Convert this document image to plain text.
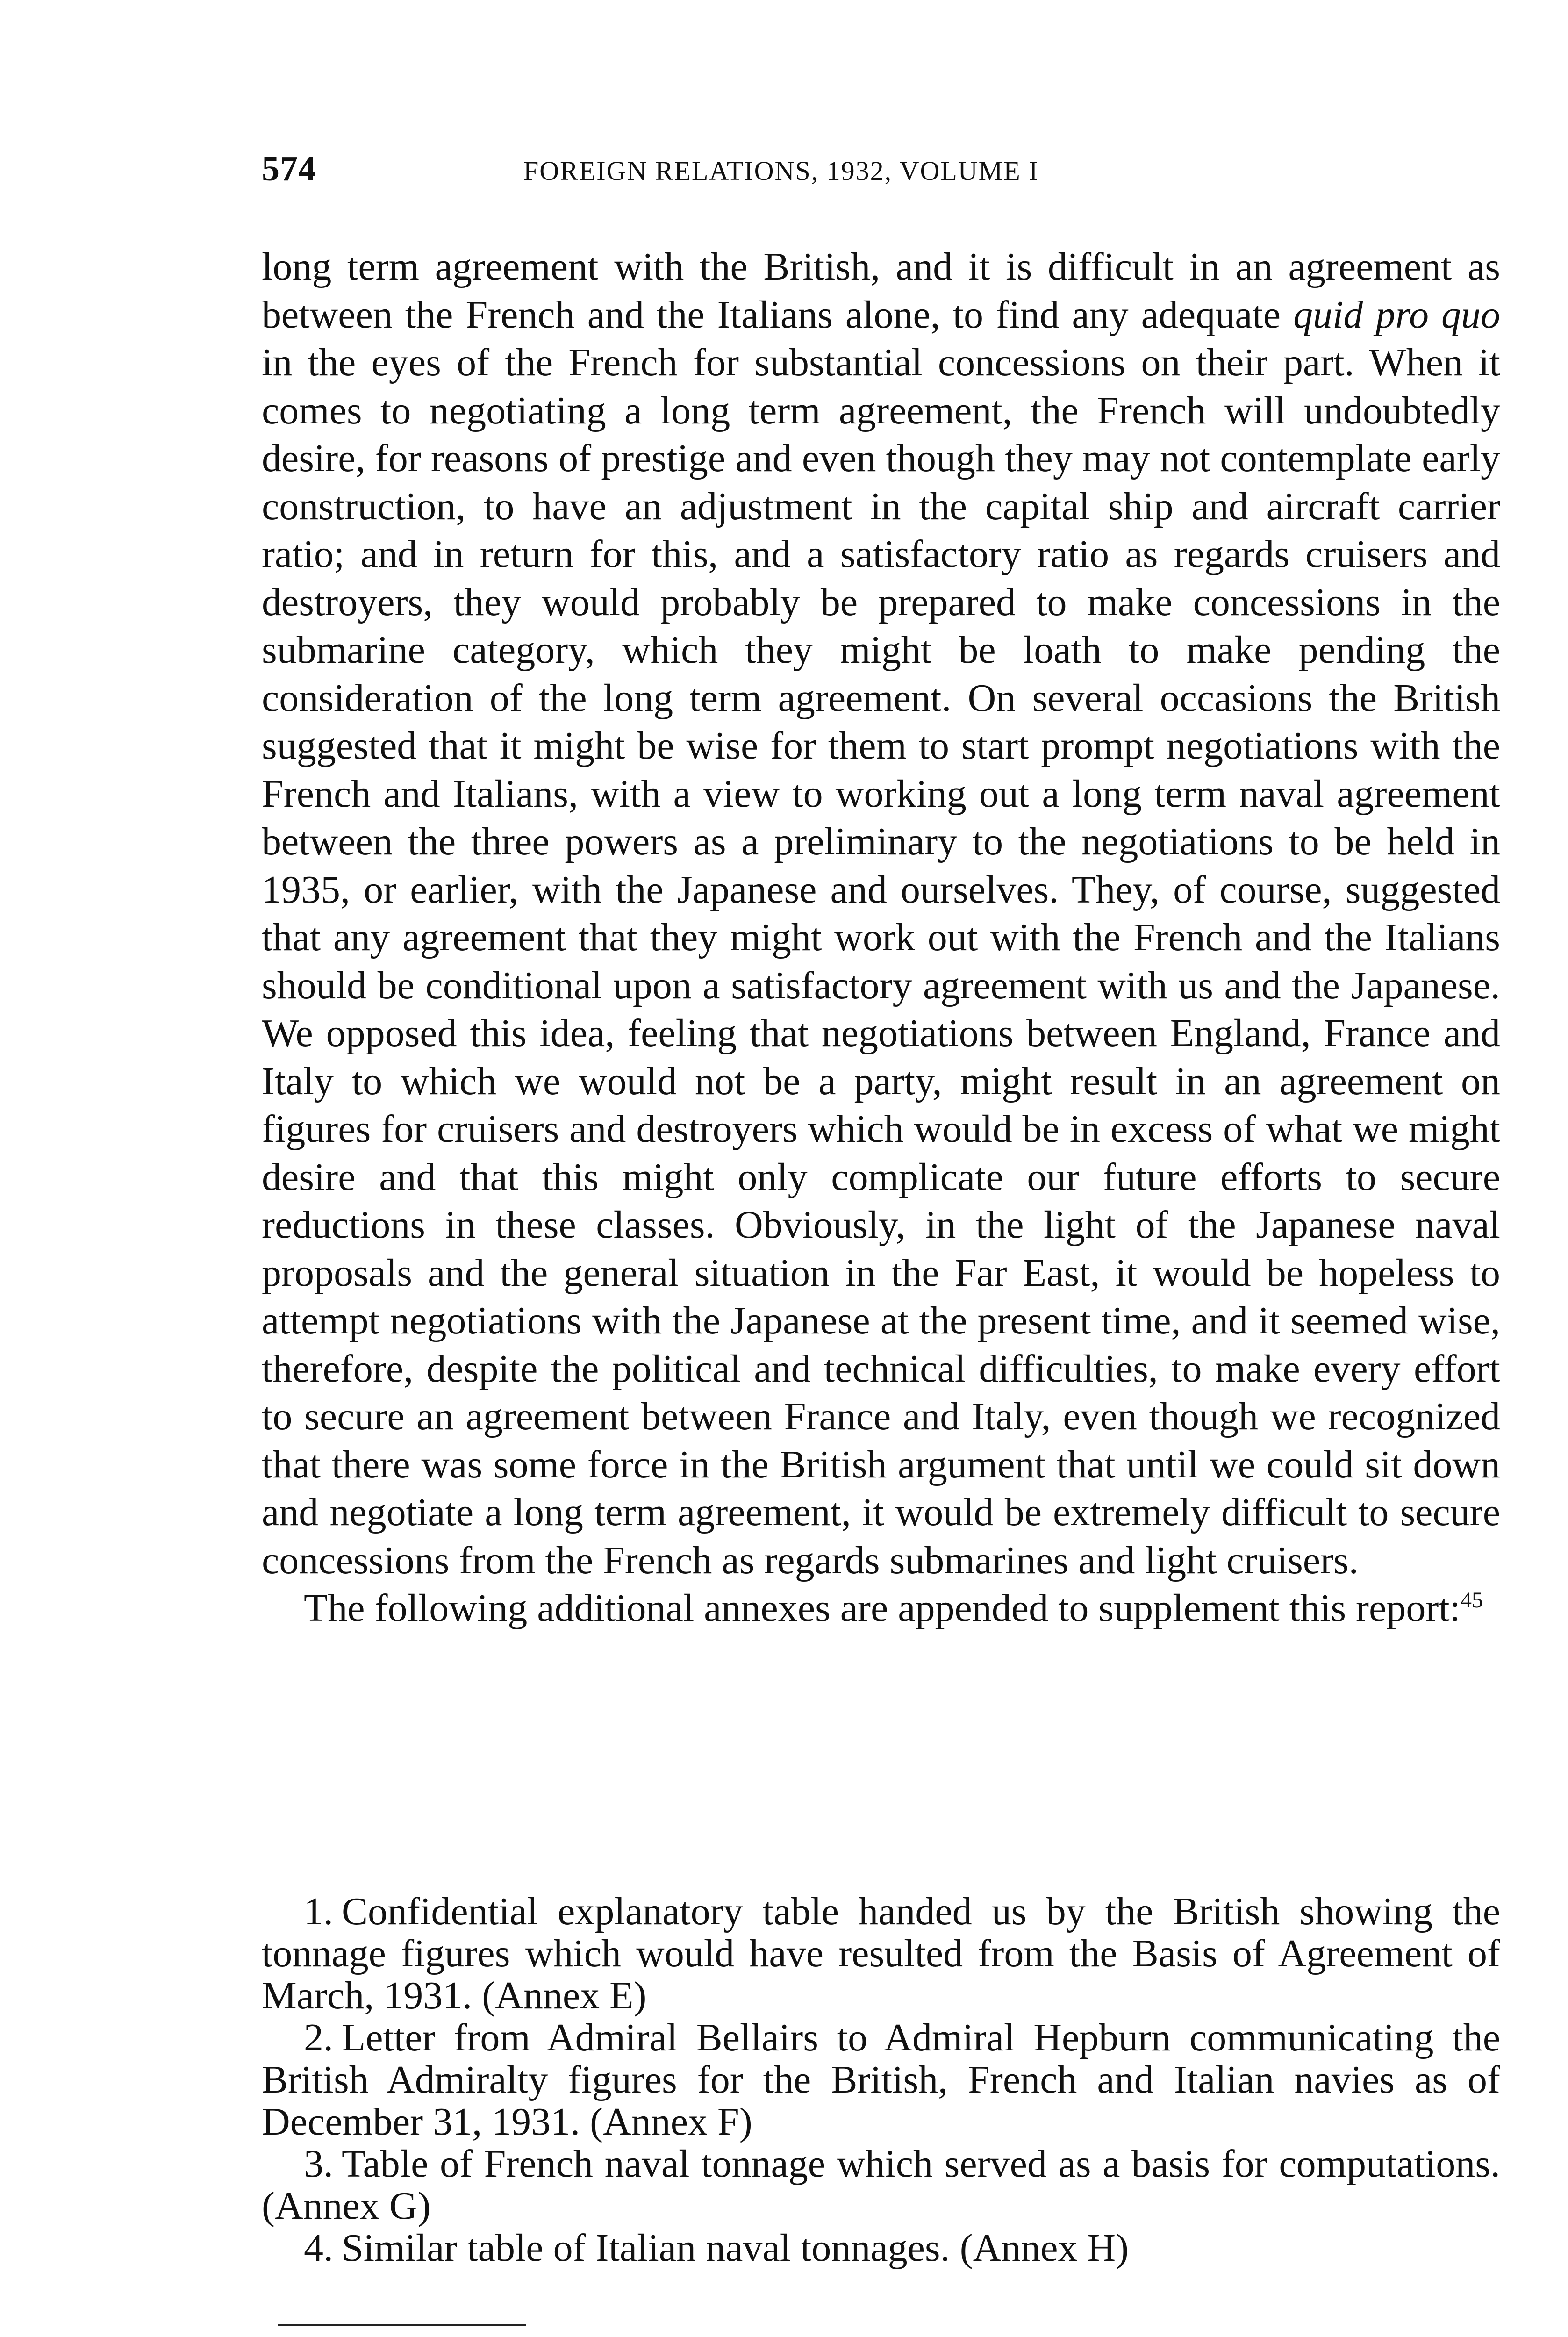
574	FOREIGN RELATIONS, 1932, VOLUME I

long term agreement with the British, and it is difficult in an agreement as between the French and the Italians alone, to find any adequate quid pro quo in the eyes of the French for substantial concessions on their part. When it comes to negotiating a long term agreement, the French will undoubtedly desire, for reasons of prestige and even though they may not contemplate early construction, to have an adjustment in the capital ship and aircraft carrier ratio; and in return for this, and a satisfactory ratio as regards cruisers and destroyers, they would probably be prepared to make concessions in the submarine category, which they might be loath to make pending the consideration of the long term agreement. On several occasions the British suggested that it might be wise for them to start prompt negotiations with the French and Italians, with a view to working out a long term naval agreement between the three powers as a preliminary to the negotiations to be held in 1935, or earlier, with the Japanese and ourselves. They, of course, suggested that any agreement that they might work out with the French and the Italians should be conditional upon a satisfactory agreement with us and the Japanese. We opposed this idea, feeling that negotiations between England, France and Italy to which we would not be a party, might result in an agreement on figures for cruisers and destroyers which would be in excess of what we might desire and that this might only complicate our future efforts to secure reductions in these classes. Obviously, in the light of the Japanese naval proposals and the general situation in the Far East, it would be hopeless to attempt negotiations with the Japanese at the present time, and it seemed wise, therefore, despite the political and technical difficulties, to make every effort to secure an agreement between France and Italy, even though we recognized that there was some force in the British argument that until we could sit down and negotiate a long term agreement, it would be extremely difficult to secure concessions from the French as regards submarines and light cruisers.

The following additional annexes are appended to supplement this report:$^{45}$

1. Confidential explanatory table handed us by the British showing the tonnage figures which would have resulted from the Basis of Agreement of March, 1931. (Annex E)
2. Letter from Admiral Bellairs to Admiral Hepburn communicating the British Admiralty figures for the British, French and Italian navies as of December 31, 1931. (Annex F)
3. Table of French naval tonnage which served as a basis for computations. (Annex G)
4. Similar table of Italian naval tonnages. (Annex H)
